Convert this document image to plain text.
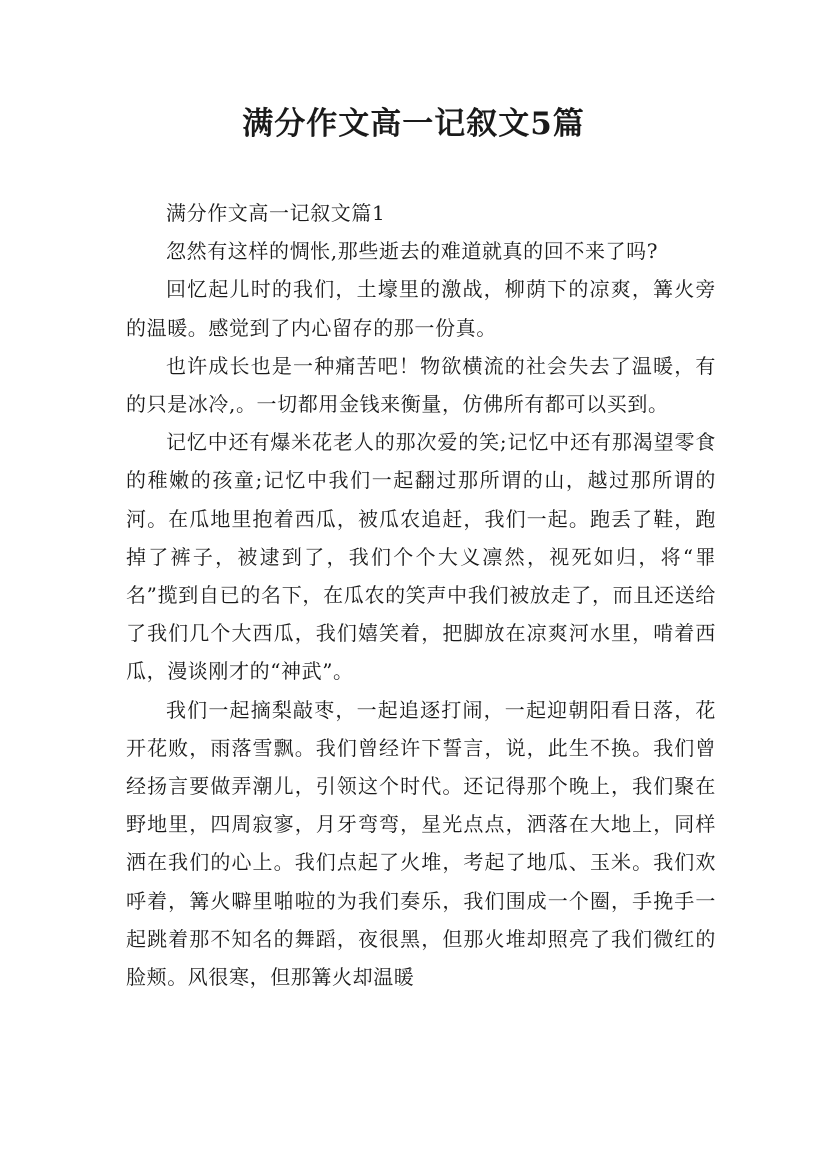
满分作文高一记叙文5篇

满分作文高一记叙文篇1

忽然有这样的惆怅,那些逝去的难道就真的回不来了吗?

回忆起儿时的我们，土壕里的激战，柳荫下的凉爽，篝火旁的温暖。感觉到了内心留存的那一份真。

也许成长也是一种痛苦吧！物欲横流的社会失去了温暖，有的只是冰冷,。一切都用金钱来衡量，仿佛所有都可以买到。

记忆中还有爆米花老人的那次爱的笑;记忆中还有那渴望零食的稚嫩的孩童;记忆中我们一起翻过那所谓的山，越过那所谓的河。在瓜地里抱着西瓜，被瓜农追赶，我们一起。跑丢了鞋，跑掉了裤子，被逮到了，我们个个大义凛然，视死如归，将“罪名”揽到自已的名下，在瓜农的笑声中我们被放走了，而且还送给了我们几个大西瓜，我们嬉笑着，把脚放在凉爽河水里，啃着西瓜，漫谈刚才的“神武”。

我们一起摘梨敲枣，一起追逐打闹，一起迎朝阳看日落，花开花败，雨落雪飘。我们曾经许下誓言，说，此生不换。我们曾经扬言要做弄潮儿，引领这个时代。还记得那个晚上，我们聚在野地里，四周寂寥，月牙弯弯，星光点点，洒落在大地上，同样洒在我们的心上。我们点起了火堆，考起了地瓜、玉米。我们欢呼着，篝火噼里啪啦的为我们奏乐，我们围成一个圈，手挽手一起跳着那不知名的舞蹈，夜很黑，但那火堆却照亮了我们微红的脸颊。风很寒，但那篝火却温暖
